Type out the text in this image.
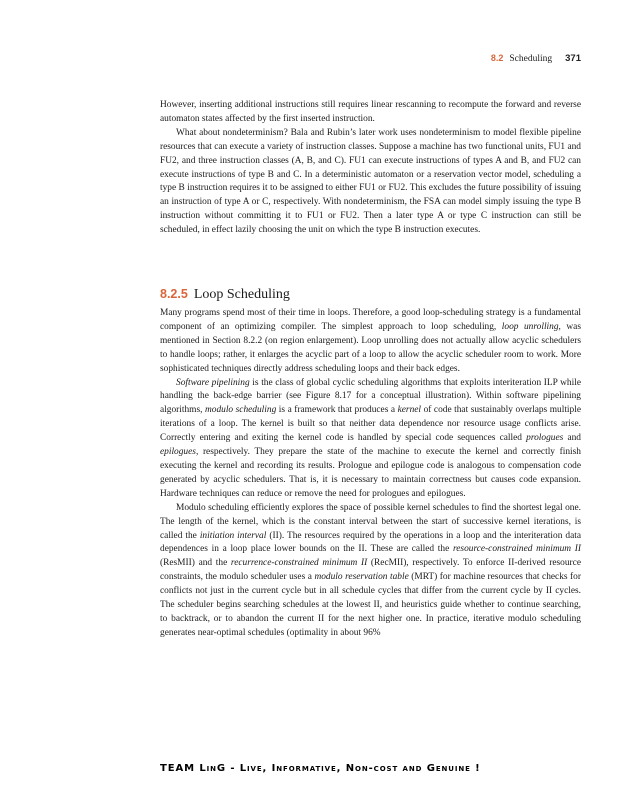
8.2 Scheduling 371

However, inserting additional instructions still requires linear rescanning to recompute the forward and reverse automaton states affected by the first inserted instruction.

What about nondeterminism? Bala and Rubin’s later work uses nondeterminism to model flexible pipeline resources that can execute a variety of instruction classes. Suppose a machine has two functional units, FU1 and FU2, and three instruction classes (A, B, and C). FU1 can execute instructions of types A and B, and FU2 can execute instructions of type B and C. In a deterministic automaton or a reservation vector model, scheduling a type B instruction requires it to be assigned to either FU1 or FU2. This excludes the future possibility of issuing an instruction of type A or C, respectively. With nondeterminism, the FSA can model simply issuing the type B instruction without committing it to FU1 or FU2. Then a later type A or type C instruction can still be scheduled, in effect lazily choosing the unit on which the type B instruction executes.

8.2.5 Loop Scheduling

Many programs spend most of their time in loops. Therefore, a good loop-scheduling strategy is a fundamental component of an optimizing compiler. The simplest approach to loop scheduling, loop unrolling, was mentioned in Section 8.2.2 (on region enlargement). Loop unrolling does not actually allow acyclic schedulers to handle loops; rather, it enlarges the acyclic part of a loop to allow the acyclic scheduler room to work. More sophisticated techniques directly address scheduling loops and their back edges.

Software pipelining is the class of global cyclic scheduling algorithms that exploits interiteration ILP while handling the back-edge barrier (see Figure 8.17 for a conceptual illustration). Within software pipelining algorithms, modulo scheduling is a framework that produces a kernel of code that sustainably overlaps multiple iterations of a loop. The kernel is built so that neither data dependence nor resource usage conflicts arise. Correctly entering and exiting the kernel code is handled by special code sequences called prologues and epilogues, respectively. They prepare the state of the machine to execute the kernel and correctly finish executing the kernel and recording its results. Prologue and epilogue code is analogous to compensation code generated by acyclic schedulers. That is, it is necessary to maintain correctness but causes code expansion. Hardware techniques can reduce or remove the need for prologues and epilogues.

Modulo scheduling efficiently explores the space of possible kernel schedules to find the shortest legal one. The length of the kernel, which is the constant interval between the start of successive kernel iterations, is called the initiation interval (II). The resources required by the operations in a loop and the interiteration data dependences in a loop place lower bounds on the II. These are called the resource-constrained minimum II (ResMII) and the recurrence-constrained minimum II (RecMII), respectively. To enforce II-derived resource constraints, the modulo scheduler uses a modulo reservation table (MRT) for machine resources that checks for conflicts not just in the current cycle but in all schedule cycles that differ from the current cycle by II cycles. The scheduler begins searching schedules at the lowest II, and heuristics guide whether to continue searching, to backtrack, or to abandon the current II for the next higher one. In practice, iterative modulo scheduling generates near-optimal schedules (optimality in about 96%

TEAM LinG - Live, Informative, Non-cost and Genuine !
